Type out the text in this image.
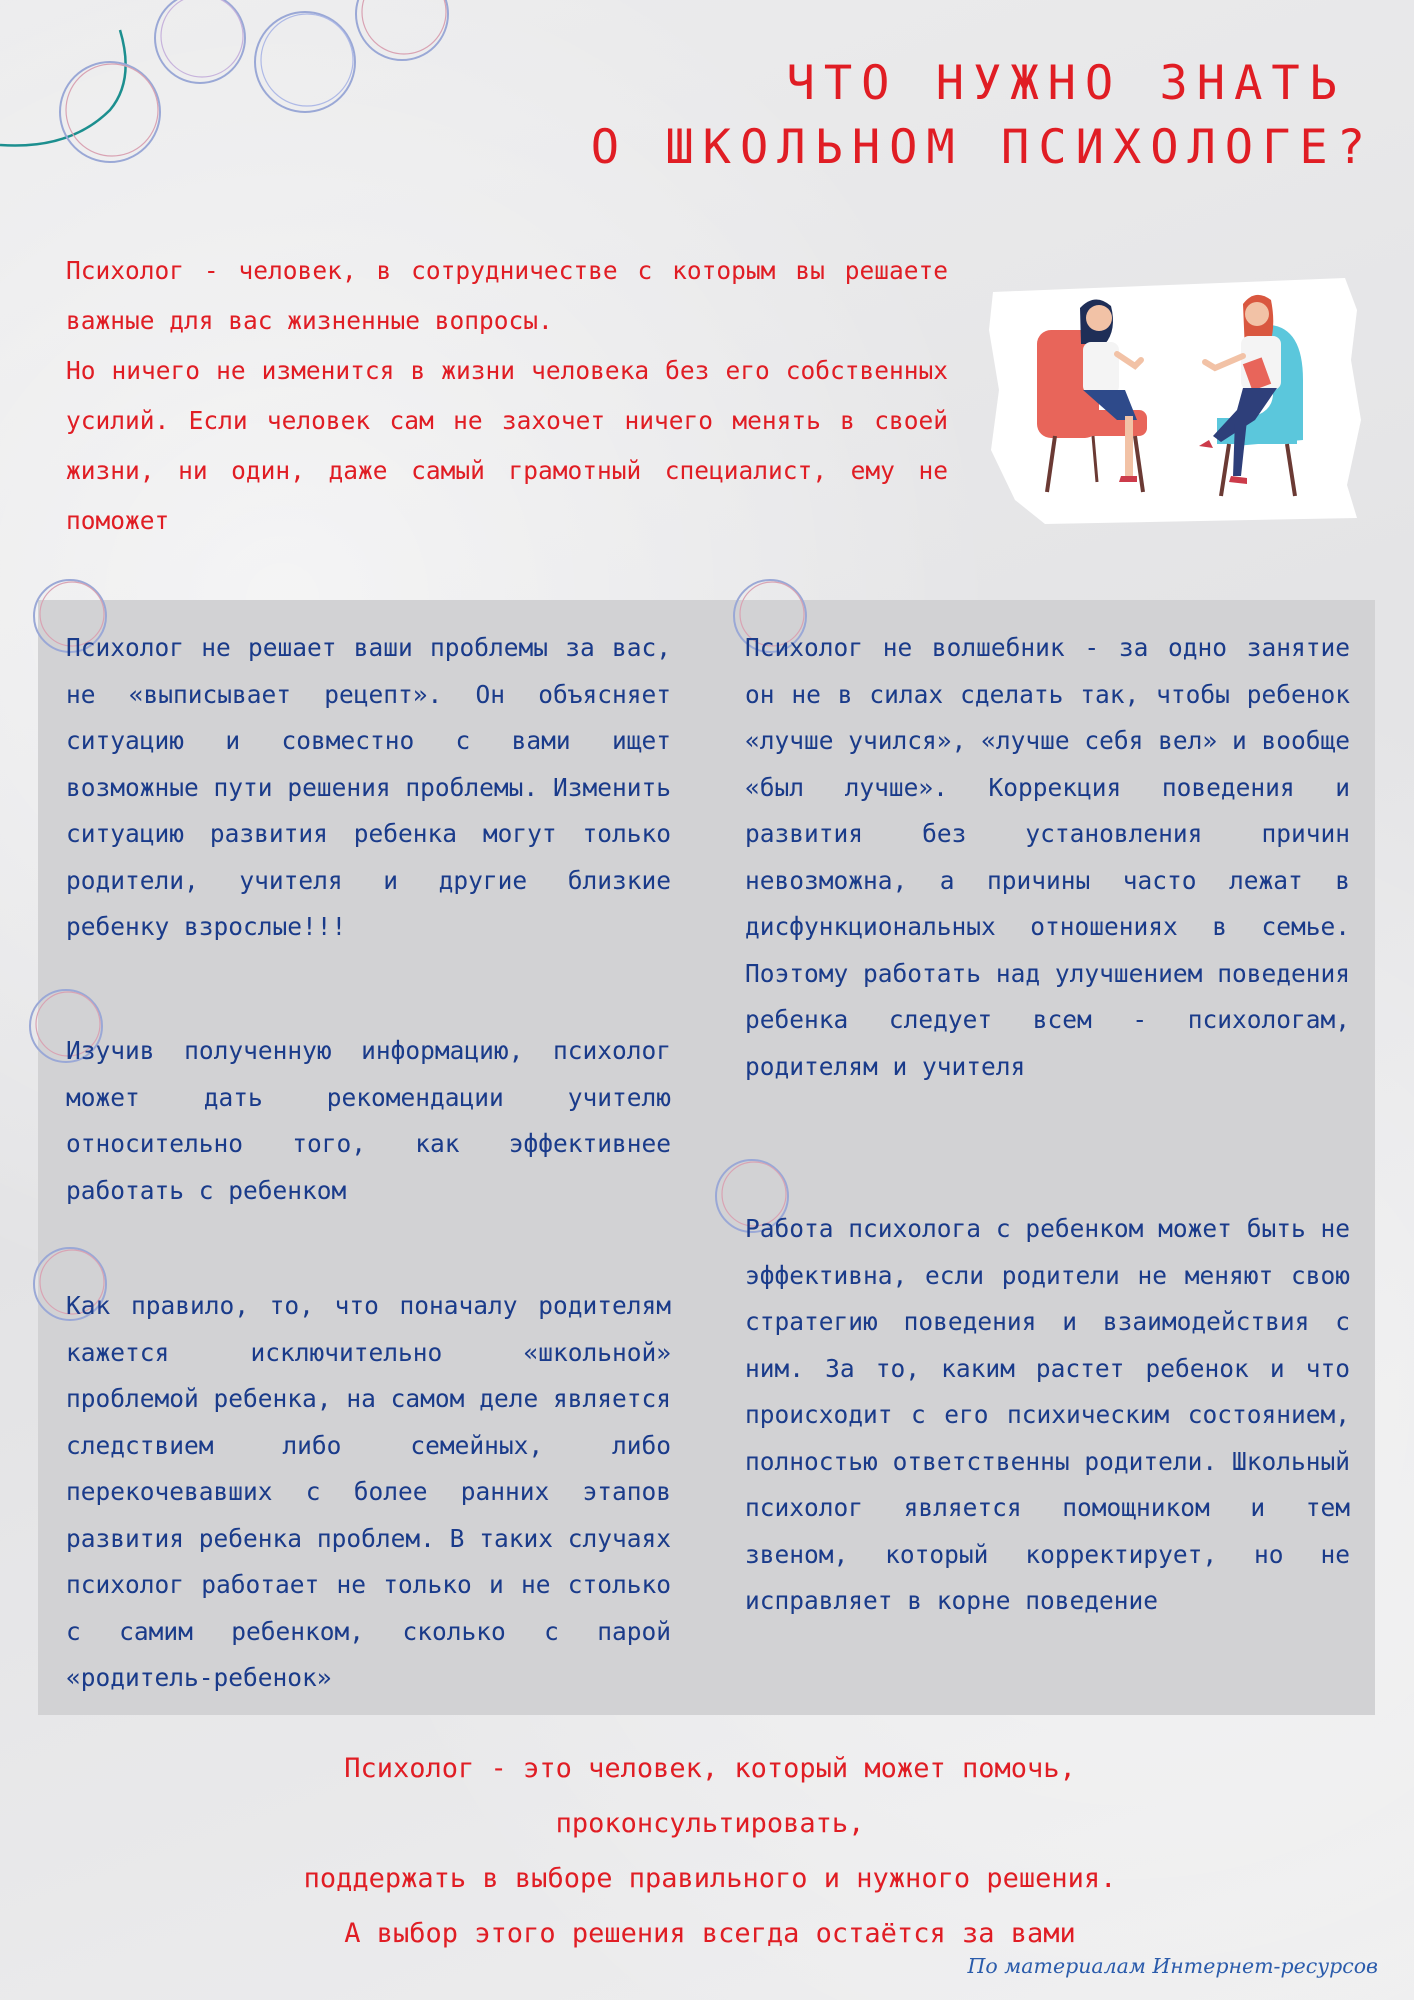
ЧТО НУЖНО ЗНАТЬ
О ШКОЛЬНОМ ПСИХОЛОГЕ?

Психолог - человек, в сотрудничестве с которым вы решаете важные для вас жизненные вопросы.

Но ничего не изменится в жизни человека без его собственных усилий. Если человек сам не захочет ничего менять в своей жизни, ни один, даже самый грамотный специалист, ему не поможет

Психолог не решает ваши проблемы за вас, не «выписывает рецепт». Он объясняет ситуацию и совместно с вами ищет возможные пути решения проблемы. Изменить ситуацию развития ребенка могут только родители, учителя и другие близкие ребенку взрослые!!!

Изучив полученную информацию, психолог может дать рекомендации учителю относительно того, как эффективнее работать с ребенком

Как правило, то, что поначалу родителям кажется исключительно «школьной» проблемой ребенка, на самом деле является следствием либо семейных, либо перекочевавших с более ранних этапов развития ребенка проблем. В таких случаях психолог работает не только и не столько с самим ребенком, сколько с парой «родитель-ребенок»

Психолог не волшебник - за одно занятие он не в силах сделать так, чтобы ребенок «лучше учился», «лучше себя вел» и вообще «был лучше». Коррекция поведения и развития без установления причин невозможна, а причины часто лежат в дисфункциональных отношениях в семье. Поэтому работать над улучшением поведения ребенка следует всем - психологам, родителям и учителя

Работа психолога с ребенком может быть не эффективна, если родители не меняют свою стратегию поведения и взаимодействия с ним. За то, каким растет ребенок и что происходит с его психическим состоянием, полностью ответственны родители. Школьный психолог является помощником и тем звеном, который корректирует, но не исправляет в корне поведение

Психолог - это человек, который может помочь,
проконсультировать,
поддержать в выборе правильного и нужного решения.
А выбор этого решения всегда остаётся за вами
По материалам Интернет-ресурсов
